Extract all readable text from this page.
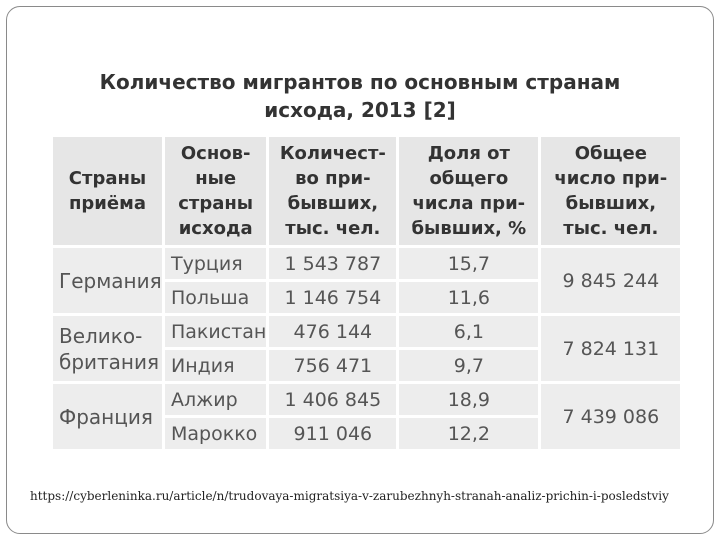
Количество мигрантов по основным странам
исхода, 2013 [2]
Страны приёма	Основ-ные страны исхода	Количест-во при-бывших, тыс. чел.	Доля от общего числа при-бывших, %	Общее число при-бывших, тыс. чел.
Германия	Турция	1 543 787	15,7	9 845 244
	Польша	1 146 754	11,6	
Велико-британия	Пакистан	476 144	6,1	7 824 131
	Индия	756 471	9,7	
Франция	Алжир	1 406 845	18,9	7 439 086
	Марокко	911 046	12,2	
https://cyberleninka.ru/article/n/trudovaya-migratsiya-v-zarubezhnyh-stranah-analiz-prichin-i-posledstviy
